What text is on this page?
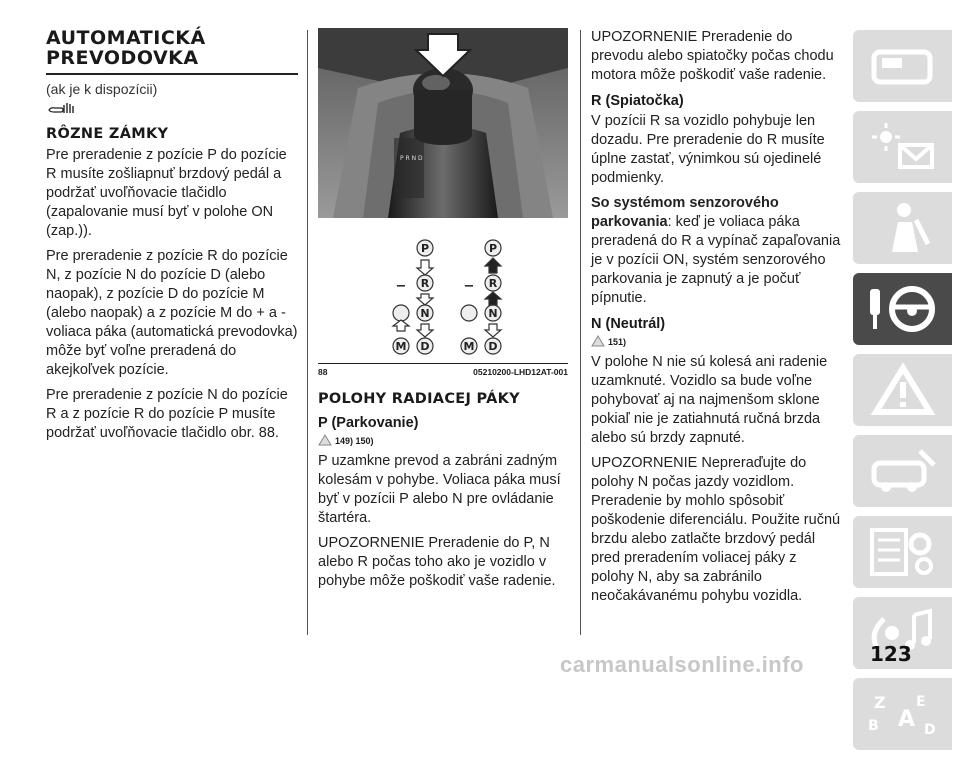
AUTOMATICKÁ
PREVODOVKA
(ak je k dispozícii)
RÔZNE ZÁMKY

Pre preradenie z pozície P do pozície R musíte zošliapnuť brzdový pedál a podržať uvoľňovacie tlačidlo (zapalovanie musí byť v polohe ON (zap.)).

Pre preradenie z pozície R do pozície N, z pozície N do pozície D (alebo naopak), z pozície D do pozície M (alebo naopak) a z pozície M do + a - voliaca páka (automatická prevodovka) môže byť voľne preradená do akejkoľvek pozície.

Pre preradenie z pozície N do pozície R a z pozície R do pozície P musíte podržať uvoľňovacie tlačidlo obr. 88.

P R N D
P
R
N
D
M
−
P
R
N
D
M
−
88	05210200-LHD12AT-001
POLOHY RADIACEJ PÁKY
P (Parkovanie)
149) 150)

P uzamkne prevod a zabráni zadným kolesám v pohybe. Voliaca páka musí byť v pozícii P alebo N pre ovládanie štartéra.

UPOZORNENIE Preradenie do P, N alebo R počas toho ako je vozidlo v pohybe môže poškodiť vaše radenie.

UPOZORNENIE Preradenie do prevodu alebo spiatočky počas chodu motora môže poškodiť vaše radenie.

R (Spiatočka)

V pozícii R sa vozidlo pohybuje len dozadu. Pre preradenie do R musíte úplne zastať, výnimkou sú ojedinelé podmienky.

So systémom senzorového parkovania: keď je voliaca páka preradená do R a vypínač zapaľovania je v pozícii ON, systém senzorového parkovania je zapnutý a je počuť pípnutie.

N (Neutrál)
151)

V polohe N nie sú kolesá ani radenie uzamknuté. Vozidlo sa bude voľne pohybovať aj na najmenšom sklone pokiaľ nie je zatiahnutá ručná brzda alebo sú brzdy zapnuté.

UPOZORNENIE Nepreraďujte do polohy N počas jazdy vozidlom. Preradenie by mohlo spôsobiť poškodenie diferenciálu. Použite ručnú brzdu alebo zatlačte brzdový pedál pred preradením voliacej páky z polohy N, aby sa zabránilo neočakávanému pohybu vozidla.

Z E
B A D
123
carmanualsonline.info
